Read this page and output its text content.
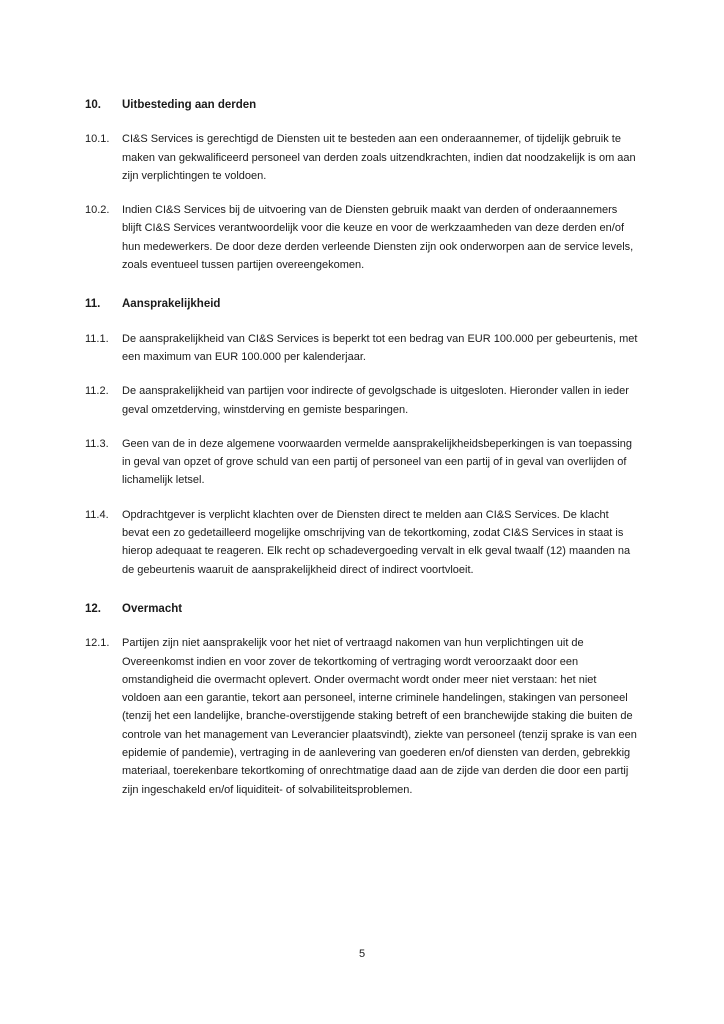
10.	Uitbesteding aan derden
10.1.	CI&S Services is gerechtigd de Diensten uit te besteden aan een onderaannemer, of tijdelijk gebruik te maken van gekwalificeerd personeel van derden zoals uitzendkrachten, indien dat noodzakelijk is om aan zijn verplichtingen te voldoen.
10.2.	Indien CI&S Services bij de uitvoering van de Diensten gebruik maakt van derden of onderaannemers blijft CI&S Services verantwoordelijk voor die keuze en voor de werkzaamheden van deze derden en/of hun medewerkers. De door deze derden verleende Diensten zijn ook onderworpen aan de service levels, zoals eventueel tussen partijen overeengekomen.
11.	Aansprakelijkheid
11.1.	De aansprakelijkheid van CI&S Services is beperkt tot een bedrag van EUR 100.000 per gebeurtenis, met een maximum van EUR 100.000 per kalenderjaar.
11.2.	De aansprakelijkheid van partijen voor indirecte of gevolgschade is uitgesloten. Hieronder vallen in ieder geval omzetderving, winstderving en gemiste besparingen.
11.3.	Geen van de in deze algemene voorwaarden vermelde aansprakelijkheidsbeperkingen is van toepassing in geval van opzet of grove schuld van een partij of personeel van een partij of in geval van overlijden of lichamelijk letsel.
11.4.	Opdrachtgever is verplicht klachten over de Diensten direct te melden aan CI&S Services. De klacht bevat een zo gedetailleerd mogelijke omschrijving van de tekortkoming, zodat CI&S Services in staat is hierop adequaat te reageren. Elk recht op schadevergoeding vervalt in elk geval twaalf (12) maanden na de gebeurtenis waaruit de aansprakelijkheid direct of indirect voortvloeit.
12.	Overmacht
12.1.	Partijen zijn niet aansprakelijk voor het niet of vertraagd nakomen van hun verplichtingen uit de Overeenkomst indien en voor zover de tekortkoming of vertraging wordt veroorzaakt door een omstandigheid die overmacht oplevert. Onder overmacht wordt onder meer niet verstaan: het niet voldoen aan een garantie, tekort aan personeel, interne criminele handelingen, stakingen van personeel (tenzij het een landelijke, branche-overstijgende staking betreft of een branchewijde staking die buiten de controle van het management van Leverancier plaatsvindt), ziekte van personeel (tenzij sprake is van een epidemie of pandemie), vertraging in de aanlevering van goederen en/of diensten van derden, gebrekkig materiaal, toerekenbare tekortkoming of onrechtmatige daad aan de zijde van derden die door een partij zijn ingeschakeld en/of liquiditeit- of solvabiliteitsproblemen.
5
